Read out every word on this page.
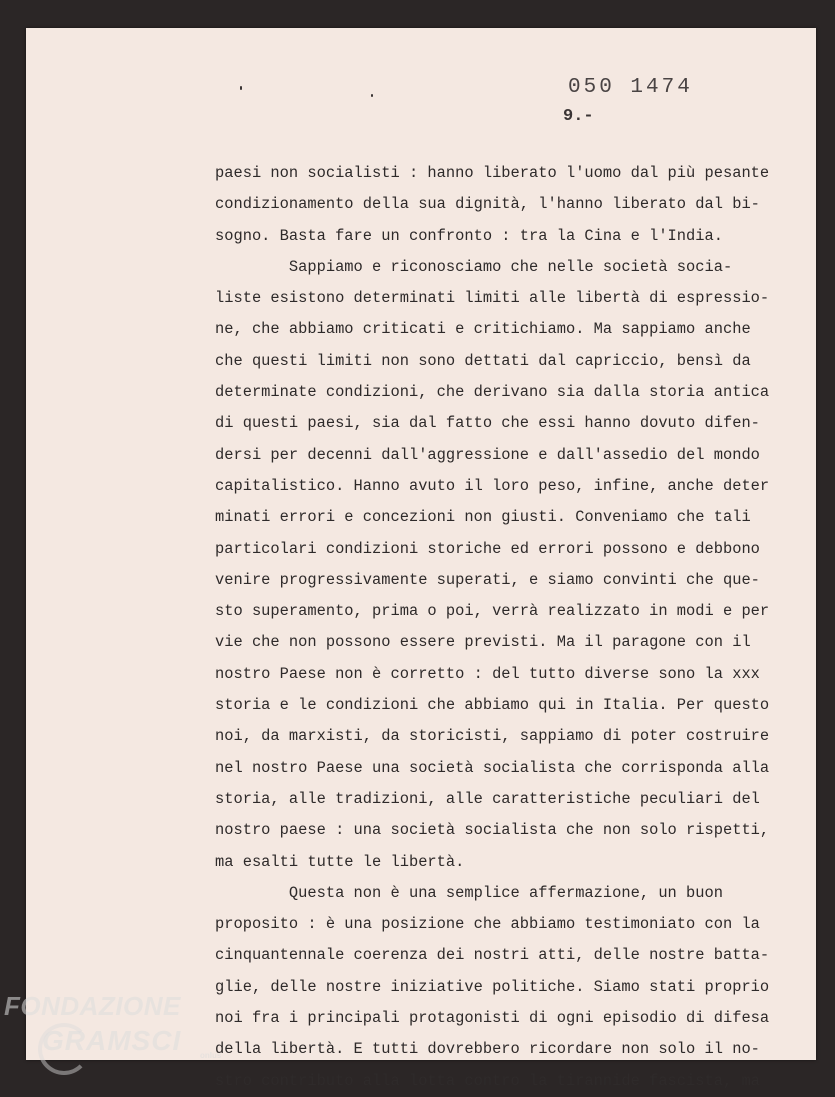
050 1474
9.-
paesi non socialisti : hanno liberato l'uomo dal più pesante
condizionamento della sua dignità, l'hanno liberato dal bi-
sogno. Basta fare un confronto : tra la Cina e l'India.
Sappiamo e riconosciamo che nelle società socia-
liste esistono determinati limiti alle libertà di espressio-
ne, che abbiamo criticati e critichiamo. Ma sappiamo anche
che questi limiti non sono dettati dal capriccio, bensì da
determinate condizioni, che derivano sia dalla storia antica
di questi paesi, sia dal fatto che essi hanno dovuto difen-
dersi per decenni dall'aggressione e dall'assedio del mondo
capitalistico. Hanno avuto il loro peso, infine, anche deter
minati errori e concezioni non giusti. Conveniamo che tali
particolari condizioni storiche ed errori possono e debbono
venire progressivamente superati, e siamo convinti che que-
sto superamento, prima o poi, verrà realizzato in modi e per
vie che non possono essere previsti. Ma il paragone con il
nostro Paese non è corretto : del tutto diverse sono la xxx
storia e le condizioni che abbiamo qui in Italia. Per questo
noi, da marxisti, da storicisti, sappiamo di poter costruire
nel nostro Paese una società socialista che corrisponda alla
storia, alle tradizioni, alle caratteristiche peculiari del
nostro paese : una società socialista che non solo rispetti,
ma esalti tutte le libertà.
Questa non è una semplice affermazione, un buon
proposito : è una posizione che abbiamo testimoniato con la
cinquantennale coerenza dei nostri atti, delle nostre batta-
glie, delle nostre iniziative politiche. Siamo stati proprio
noi fra i principali protagonisti di ogni episodio di difesa
della libertà. E tutti dovrebbero ricordare non solo il no-
stro contributo alla lotta contro la tirannide fascista, ma
FONDAZIONE
GRAMSCI onlus
